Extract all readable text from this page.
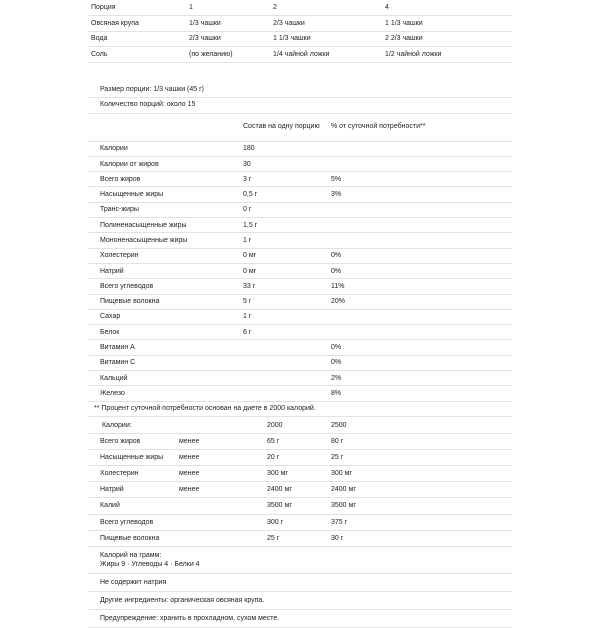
Порция	1	2	4
Овсяная крупа	1/3 чашки	2/3 чашки	1 1/3 чашки
Вода	2/3 чашки	1 1/3 чашки	2 2/3 чашки
Соль	(по желанию)	1/4 чайной ложки	1/2 чайной ложки
Размер порции: 1/3 чашки (45 г)
Количество порций: около 15
	Состав на одну порцию	% от суточной потребности**
Калории	180	
Калории от жиров	30	
Всего жиров	3 г	5%
Насыщенные жиры	0,5 г	3%
Транс-жиры	0 г	
Полиненасыщенные жиры	1,5 г	
Мононенасыщенные жиры	1 г	
Холестерин	0 мг	0%
Натрий	0 мг	0%
Всего углеводов	33 г	11%
Пищевые волокна	5 г	20%
Сахар	1 г	
Белок	6 г	
Витамин А		0%
Витамин С		0%
Кальций		2%
Железо		8%
** Процент суточной потребности основан на диете в 2000 калорий.
Калории:		2000	2500
Всего жиров	менее	65 г	80 г
Насыщенные жиры	менее	20 г	25 г
Холестерин	менее	300 мг	300 мг
Натрий	менее	2400 мг	2400 мг
Калий		3500 мг	3500 мг
Всего углеводов		300 г	375 г
Пищевые волокна		25 г	30 г
Калорий на грамм:
Жиры 9 · Углеводы 4 · Белки 4
Не содержит натрия
Другие ингредиенты: органическая овсяная крупа.
Предупреждение: хранить в прохладном, сухом месте.
